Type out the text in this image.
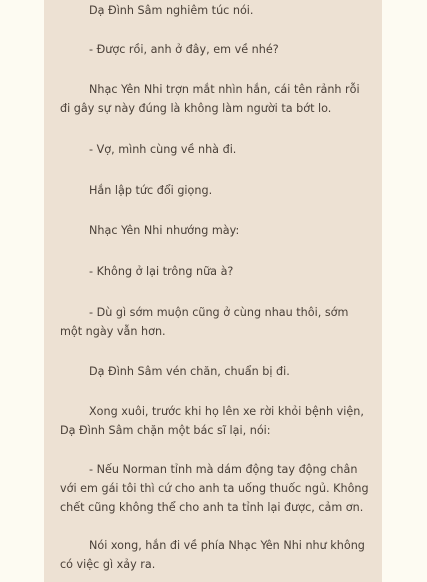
Dạ Đình Sâm nghiêm túc nói.

- Được rồi, anh ở đây, em về nhé?

Nhạc Yên Nhi trợn mắt nhìn hắn, cái tên rảnh rỗi đi gây sự này đúng là không làm người ta bớt lo.

- Vợ, mình cùng về nhà đi.

Hắn lập tức đổi giọng.

Nhạc Yên Nhi nhướng mày:

- Không ở lại trông nữa à?

- Dù gì sớm muộn cũng ở cùng nhau thôi, sớm một ngày vẫn hơn.

Dạ Đình Sâm vén chăn, chuẩn bị đi.

Xong xuôi, trước khi họ lên xe rời khỏi bệnh viện, Dạ Đình Sâm chặn một bác sĩ lại, nói:

- Nếu Norman tỉnh mà dám động tay động chân với em gái tôi thì cứ cho anh ta uống thuốc ngủ. Không chết cũng không thể cho anh ta tỉnh lại được, cảm ơn.

Nói xong, hắn đi về phía Nhạc Yên Nhi như không có việc gì xảy ra.
